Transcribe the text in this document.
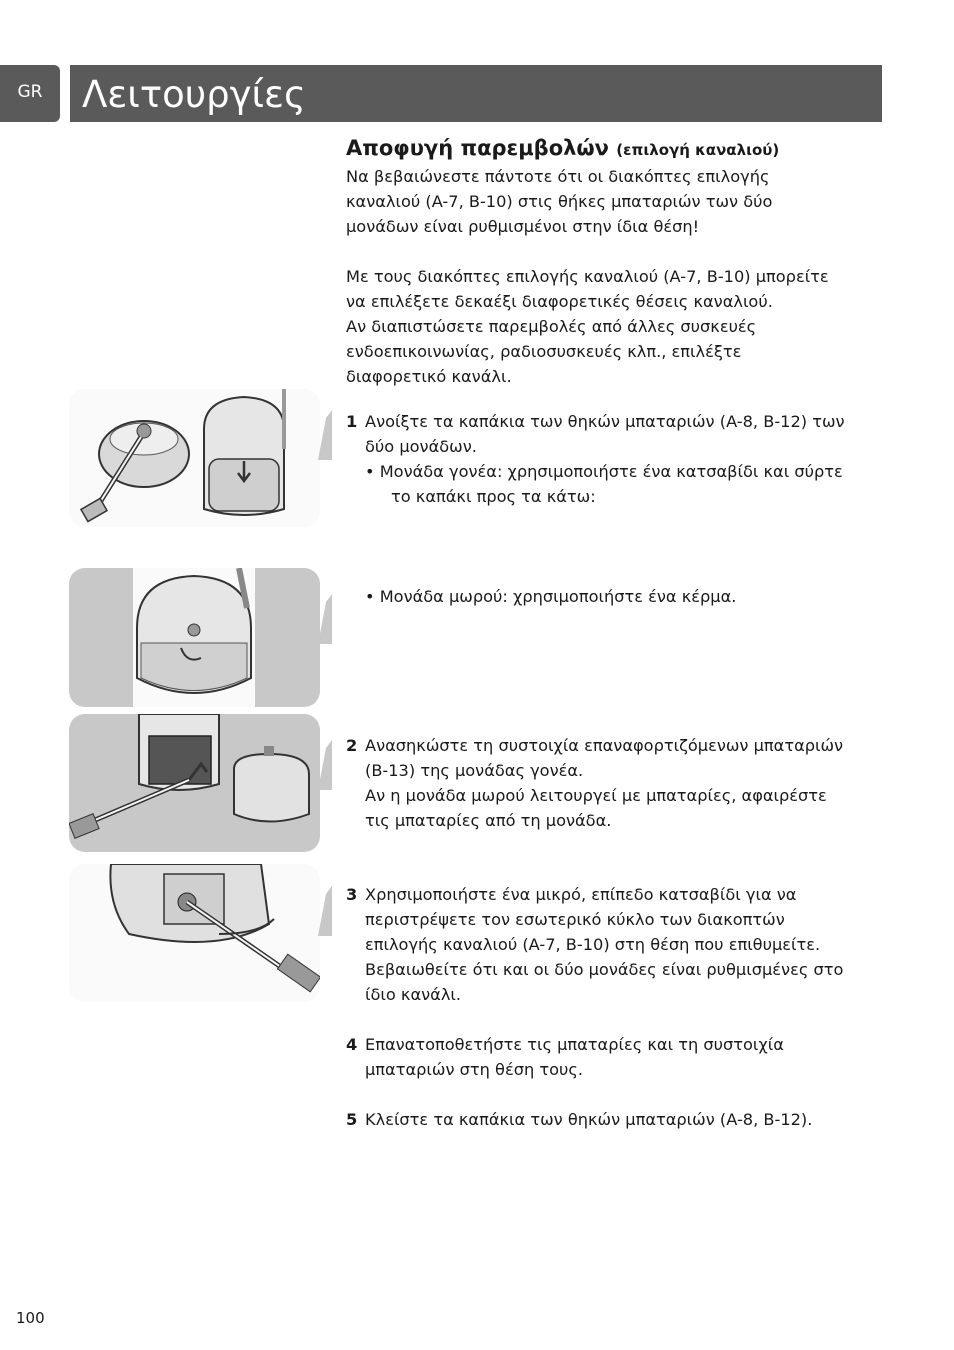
GR	Λειτουργίες
Αποφυγή παρεμβολών (επιλογή καναλιού)

Να βεβαιώνεστε πάντοτε ότι οι διακόπτες επιλογής

καναλιού (A-7, B-10) στις θήκες μπαταριών των δύο

μονάδων είναι ρυθμισμένοι στην ίδια θέση!

Με τους διακόπτες επιλογής καναλιού (A-7, B-10) μπορείτε

να επιλέξετε δεκαέξι διαφορετικές θέσεις καναλιού.

Αν διαπιστώσετε παρεμβολές από άλλες συσκευές

ενδοεπικοινωνίας, ραδιοσυσκευές κλπ., επιλέξτε

διαφορετικό κανάλι.

1 Ανοίξτε τα καπάκια των θηκών μπαταριών (A-8, B-12) των

δύο μονάδων.

• Μονάδα γονέα: χρησιμοποιήστε ένα κατσαβίδι και σύρτε
το καπάκι προς τα κάτω:

• Μονάδα μωρού: χρησιμοποιήστε ένα κέρμα.

2 Ανασηκώστε τη συστοιχία επαναφορτιζόμενων μπαταριών

(B-13) της μονάδας γονέα.

Αν η μονάδα μωρού λειτουργεί με μπαταρίες, αφαιρέστε

τις μπαταρίες από τη μονάδα.

3 Χρησιμοποιήστε ένα μικρό, επίπεδο κατσαβίδι για να

περιστρέψετε τον εσωτερικό κύκλο των διακοπτών

επιλογής καναλιού (A-7, B-10) στη θέση που επιθυμείτε.

Βεβαιωθείτε ότι και οι δύο μονάδες είναι ρυθμισμένες στο

ίδιο κανάλι.

4 Επανατοποθετήστε τις μπαταρίες και τη συστοιχία

μπαταριών στη θέση τους.

5 Κλείστε τα καπάκια των θηκών μπαταριών (A-8, B-12).

100
